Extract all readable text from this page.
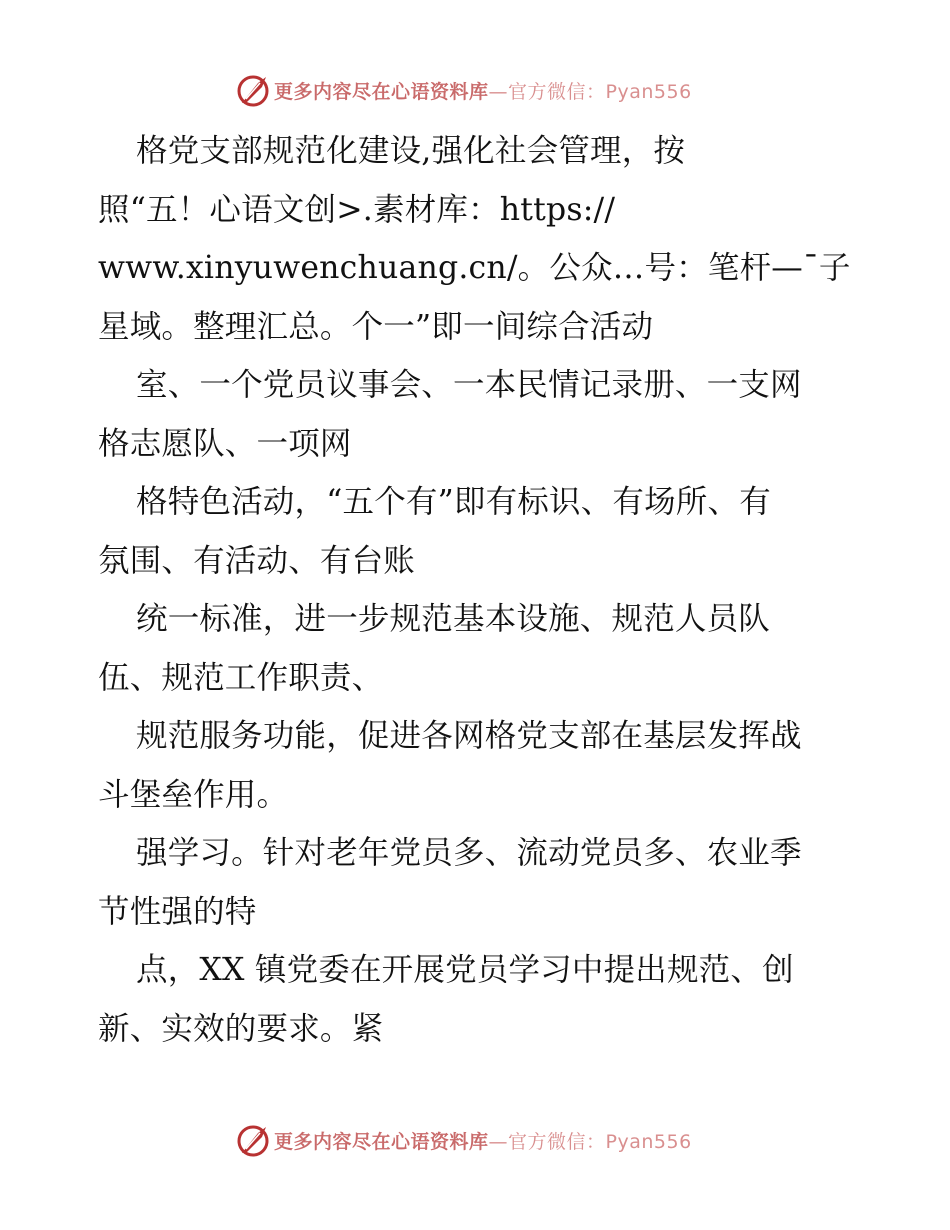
更多内容尽在心语资料库—官方微信：Pyan556
格党支部规范化建设,强化社会管理，按
照“五！心语文创>.素材库：https://
www.xinyuwenchuang.cn/。公众…号：笔杆—¯子
星域。整理汇总。个一”即一间综合活动
室、一个党员议事会、一本民情记录册、一支网
格志愿队、一项网
格特色活动，“五个有”即有标识、有场所、有
氛围、有活动、有台账
统一标准，进一步规范基本设施、规范人员队
伍、规范工作职责、
规范服务功能，促进各网格党支部在基层发挥战
斗堡垒作用。
强学习。针对老年党员多、流动党员多、农业季
节性强的特
点，XX 镇党委在开展党员学习中提出规范、创
新、实效的要求。紧
更多内容尽在心语资料库—官方微信：Pyan556
